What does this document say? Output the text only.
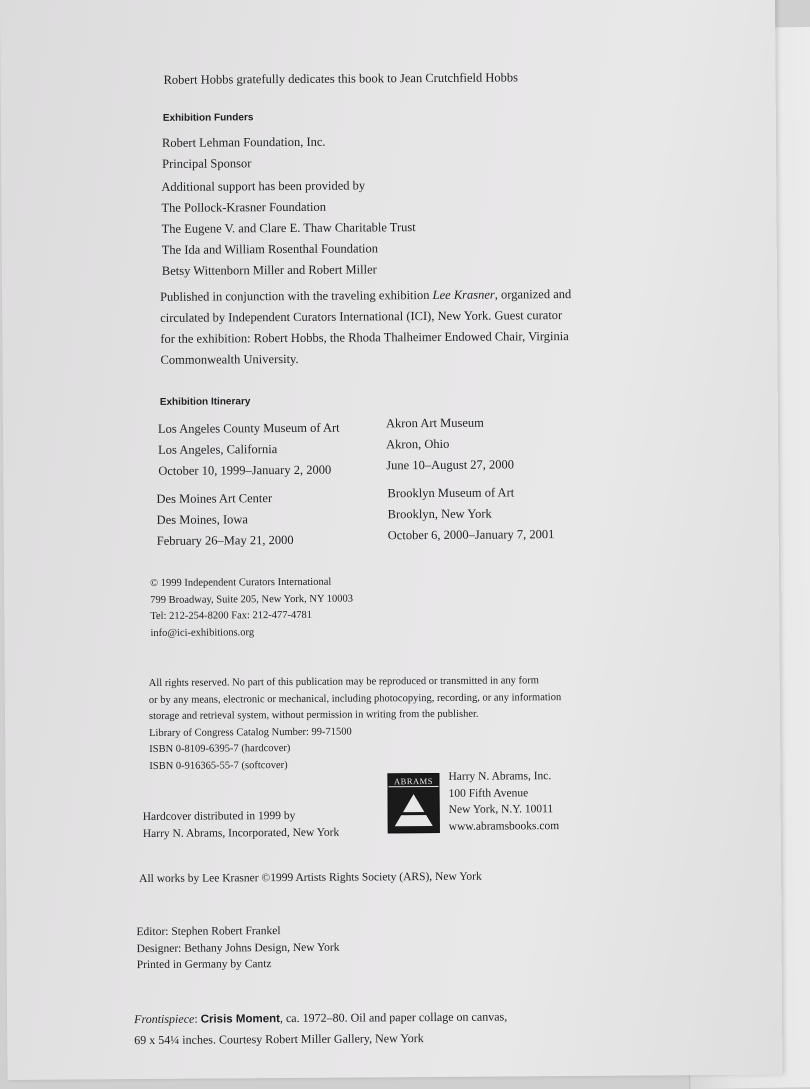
Robert Hobbs gratefully dedicates this book to Jean Crutchfield Hobbs
Exhibition Funders
Robert Lehman Foundation, Inc.
Principal Sponsor
Additional support has been provided by
The Pollock-Krasner Foundation
The Eugene V. and Clare E. Thaw Charitable Trust
The Ida and William Rosenthal Foundation
Betsy Wittenborn Miller and Robert Miller
Published in conjunction with the traveling exhibition Lee Krasner, organized and
circulated by Independent Curators International (ICI), New York. Guest curator
for the exhibition: Robert Hobbs, the Rhoda Thalheimer Endowed Chair, Virginia
Commonwealth University.
Exhibition Itinerary
Los Angeles County Museum of Art
Los Angeles, California
October 10, 1999–January 2, 2000
Des Moines Art Center
Des Moines, Iowa
February 26–May 21, 2000
Akron Art Museum
Akron, Ohio
June 10–August 27, 2000
Brooklyn Museum of Art
Brooklyn, New York
October 6, 2000–January 7, 2001
© 1999 Independent Curators International
799 Broadway, Suite 205, New York, NY 10003
Tel: 212-254-8200 Fax: 212-477-4781
info@ici-exhibitions.org
All rights reserved. No part of this publication may be reproduced or transmitted in any form
or by any means, electronic or mechanical, including photocopying, recording, or any information
storage and retrieval system, without permission in writing from the publisher.
Library of Congress Catalog Number: 99-71500
ISBN 0-8109-6395-7 (hardcover)
ISBN 0-916365-55-7 (softcover)
ABRAMS	Harry N. Abrams, Inc.
100 Fifth Avenue
New York, N.Y. 10011
www.abramsbooks.com
Hardcover distributed in 1999 by
Harry N. Abrams, Incorporated, New York
All works by Lee Krasner ©1999 Artists Rights Society (ARS), New York
Editor: Stephen Robert Frankel
Designer: Bethany Johns Design, New York
Printed in Germany by Cantz
Frontispiece: Crisis Moment, ca. 1972–80. Oil and paper collage on canvas,
69 x 54¼ inches. Courtesy Robert Miller Gallery, New York
